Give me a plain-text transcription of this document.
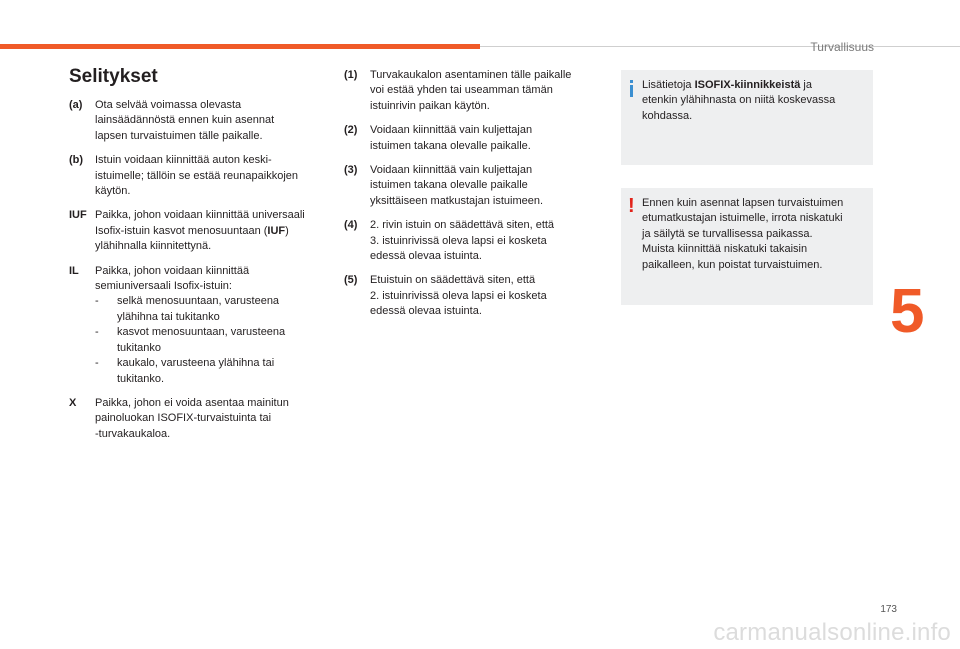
Turvallisuus
Selitykset
(a)	Ota selvää voimassa olevasta
lainsäädännöstä ennen kuin asennat
lapsen turvaistuimen tälle paikalle.
(b)	Istuin voidaan kiinnittää auton keski-
istuimelle; tällöin se estää reunapaikkojen
käytön.
IUF Paikka, johon voidaan kiinnittää universaali Isofix-istuin kasvot menosuuntaan (IUF) ylähihnalla kiinnitettynä.
IL	Paikka, johon voidaan kiinnittää
semiuniversaali Isofix-istuin:
-	selkä menosuuntaan, varusteena
ylähihna tai tukitanko
-	kasvot menosuuntaan, varusteena
tukitanko
-	kaukalo, varusteena ylähihna tai
tukitanko.
X	Paikka, johon ei voida asentaa mainitun
painoluokan ISOFIX-turvaistuinta tai
-turvakaukaloa.
(1)	Turvakaukalon asentaminen tälle paikalle
voi estää yhden tai useamman tämän
istuinrivin paikan käytön.
(2)	Voidaan kiinnittää vain kuljettajan
istuimen takana olevalle paikalle.
(3)	Voidaan kiinnittää vain kuljettajan
istuimen takana olevalle paikalle
yksittäiseen matkustajan istuimeen.
(4)	2. rivin istuin on säädettävä siten, että
3. istuinrivissä oleva lapsi ei kosketa
edessä olevaa istuinta.
(5)	Etuistuin on säädettävä siten, että
2. istuinrivissä oleva lapsi ei kosketa
edessä olevaa istuinta.
Lisätietoja ISOFIX-kiinnikkeistä ja
etenkin ylähihnasta on niitä koskevassa
kohdassa.
! Ennen kuin asennat lapsen turvaistuimen
etumatkustajan istuimelle, irrota niskatuki
ja säilytä se turvallisessa paikassa.
Muista kiinnittää niskatuki takaisin
paikalleen, kun poistat turvaistuimen.
5
173
carmanualsonline.info
